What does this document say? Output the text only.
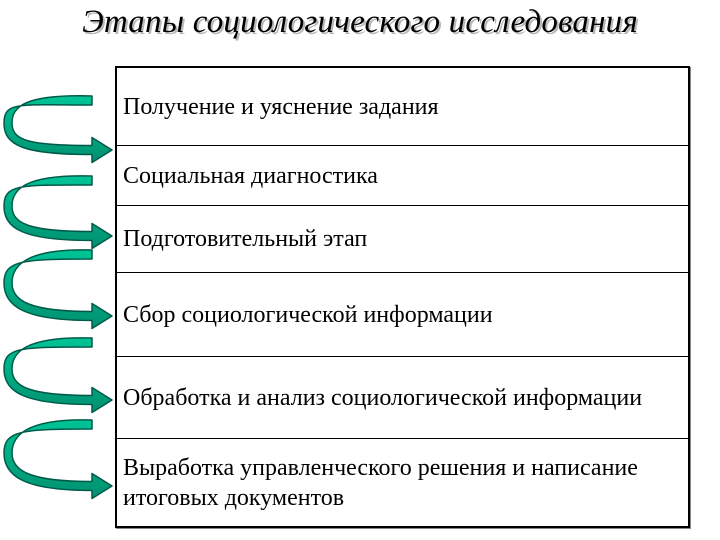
Этапы социологического исследования
Получение и уяснение задания
Социальная диагностика
Подготовительный этап
Сбор социологической информации
Обработка и анализ социологической информации
Выработка управленческого решения и написание итоговых документов
